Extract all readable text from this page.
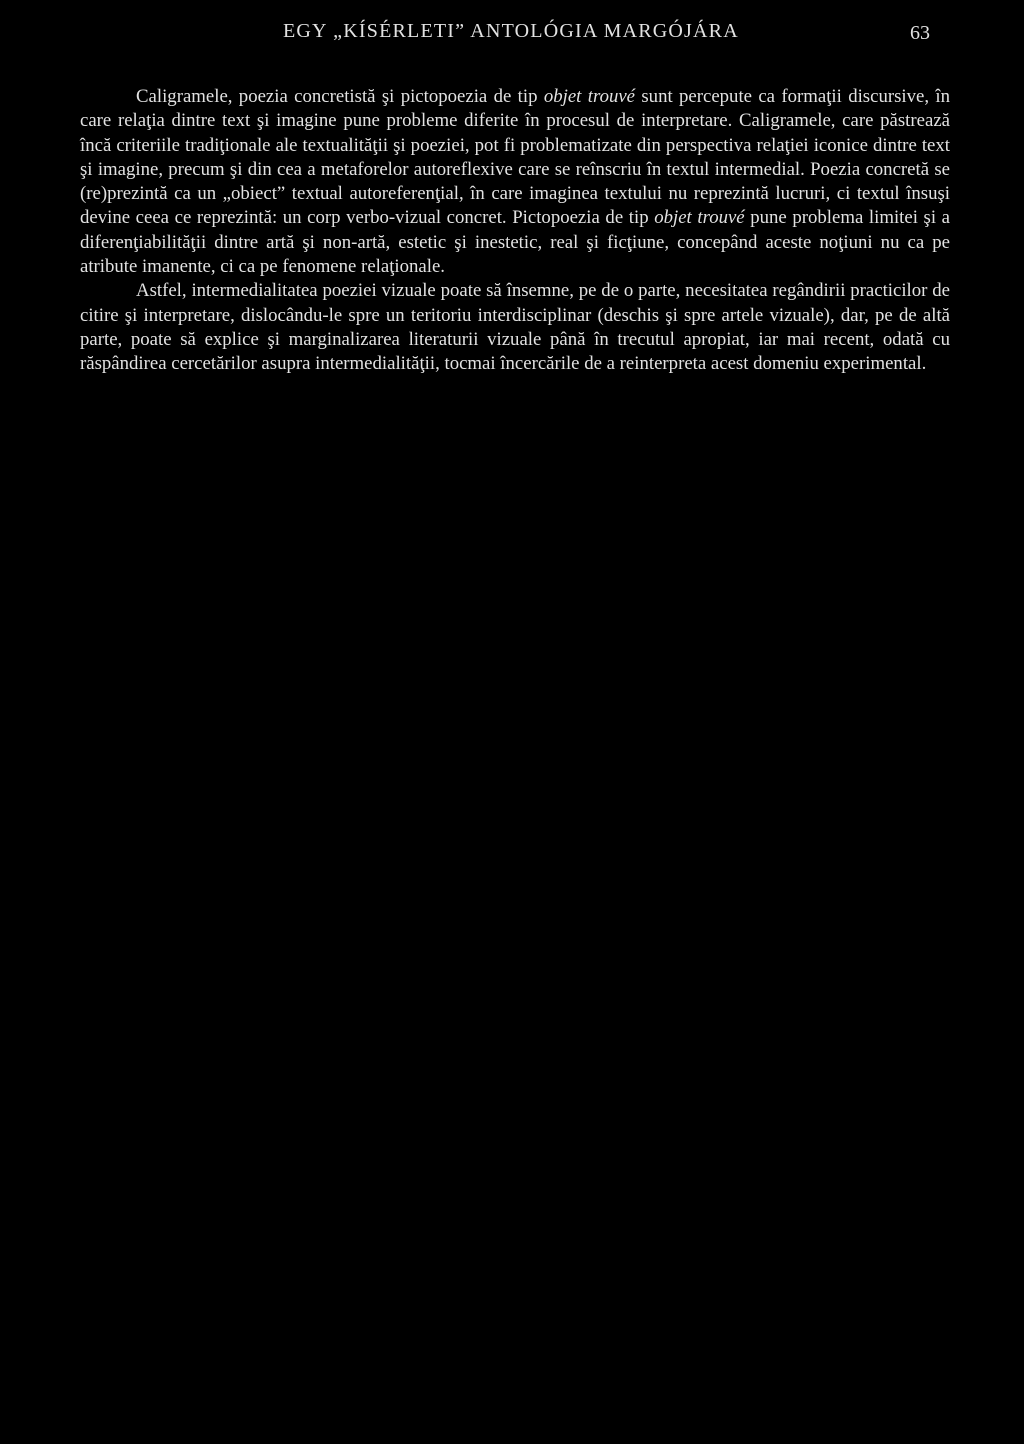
EGY „KÍSÉRLETI” ANTOLÓGIA MARGÓJÁRA	63

Caligramele, poezia concretistă şi pictopoezia de tip objet trouvé sunt percepute ca formaţii discursive, în care relaţia dintre text şi imagine pune probleme diferite în procesul de interpretare. Caligramele, care păstrează încă criteriile tradiţionale ale textualităţii şi poeziei, pot fi problematizate din perspectiva relaţiei iconice dintre text şi imagine, precum şi din cea a metaforelor autoreflexive care se reînscriu în textul intermedial. Poezia concretă se (re)prezintă ca un „obiect” textual autoreferenţial, în care imaginea textului nu reprezintă lucruri, ci textul însuşi devine ceea ce reprezintă: un corp verbo-vizual concret. Pictopoezia de tip objet trouvé pune problema limitei şi a diferenţiabilităţii dintre artă şi non-artă, estetic şi inestetic, real şi ficţiune, concepând aceste noţiuni nu ca pe atribute imanente, ci ca pe fenomene relaţionale.

Astfel, intermedialitatea poeziei vizuale poate să însemne, pe de o parte, necesitatea regândirii practicilor de citire şi interpretare, dislocându-le spre un teritoriu interdisciplinar (deschis şi spre artele vizuale), dar, pe de altă parte, poate să explice şi marginalizarea literaturii vizuale până în trecutul apropiat, iar mai recent, odată cu răspândirea cercetărilor asupra intermedialităţii, tocmai încercările de a reinterpreta acest domeniu experimental.
